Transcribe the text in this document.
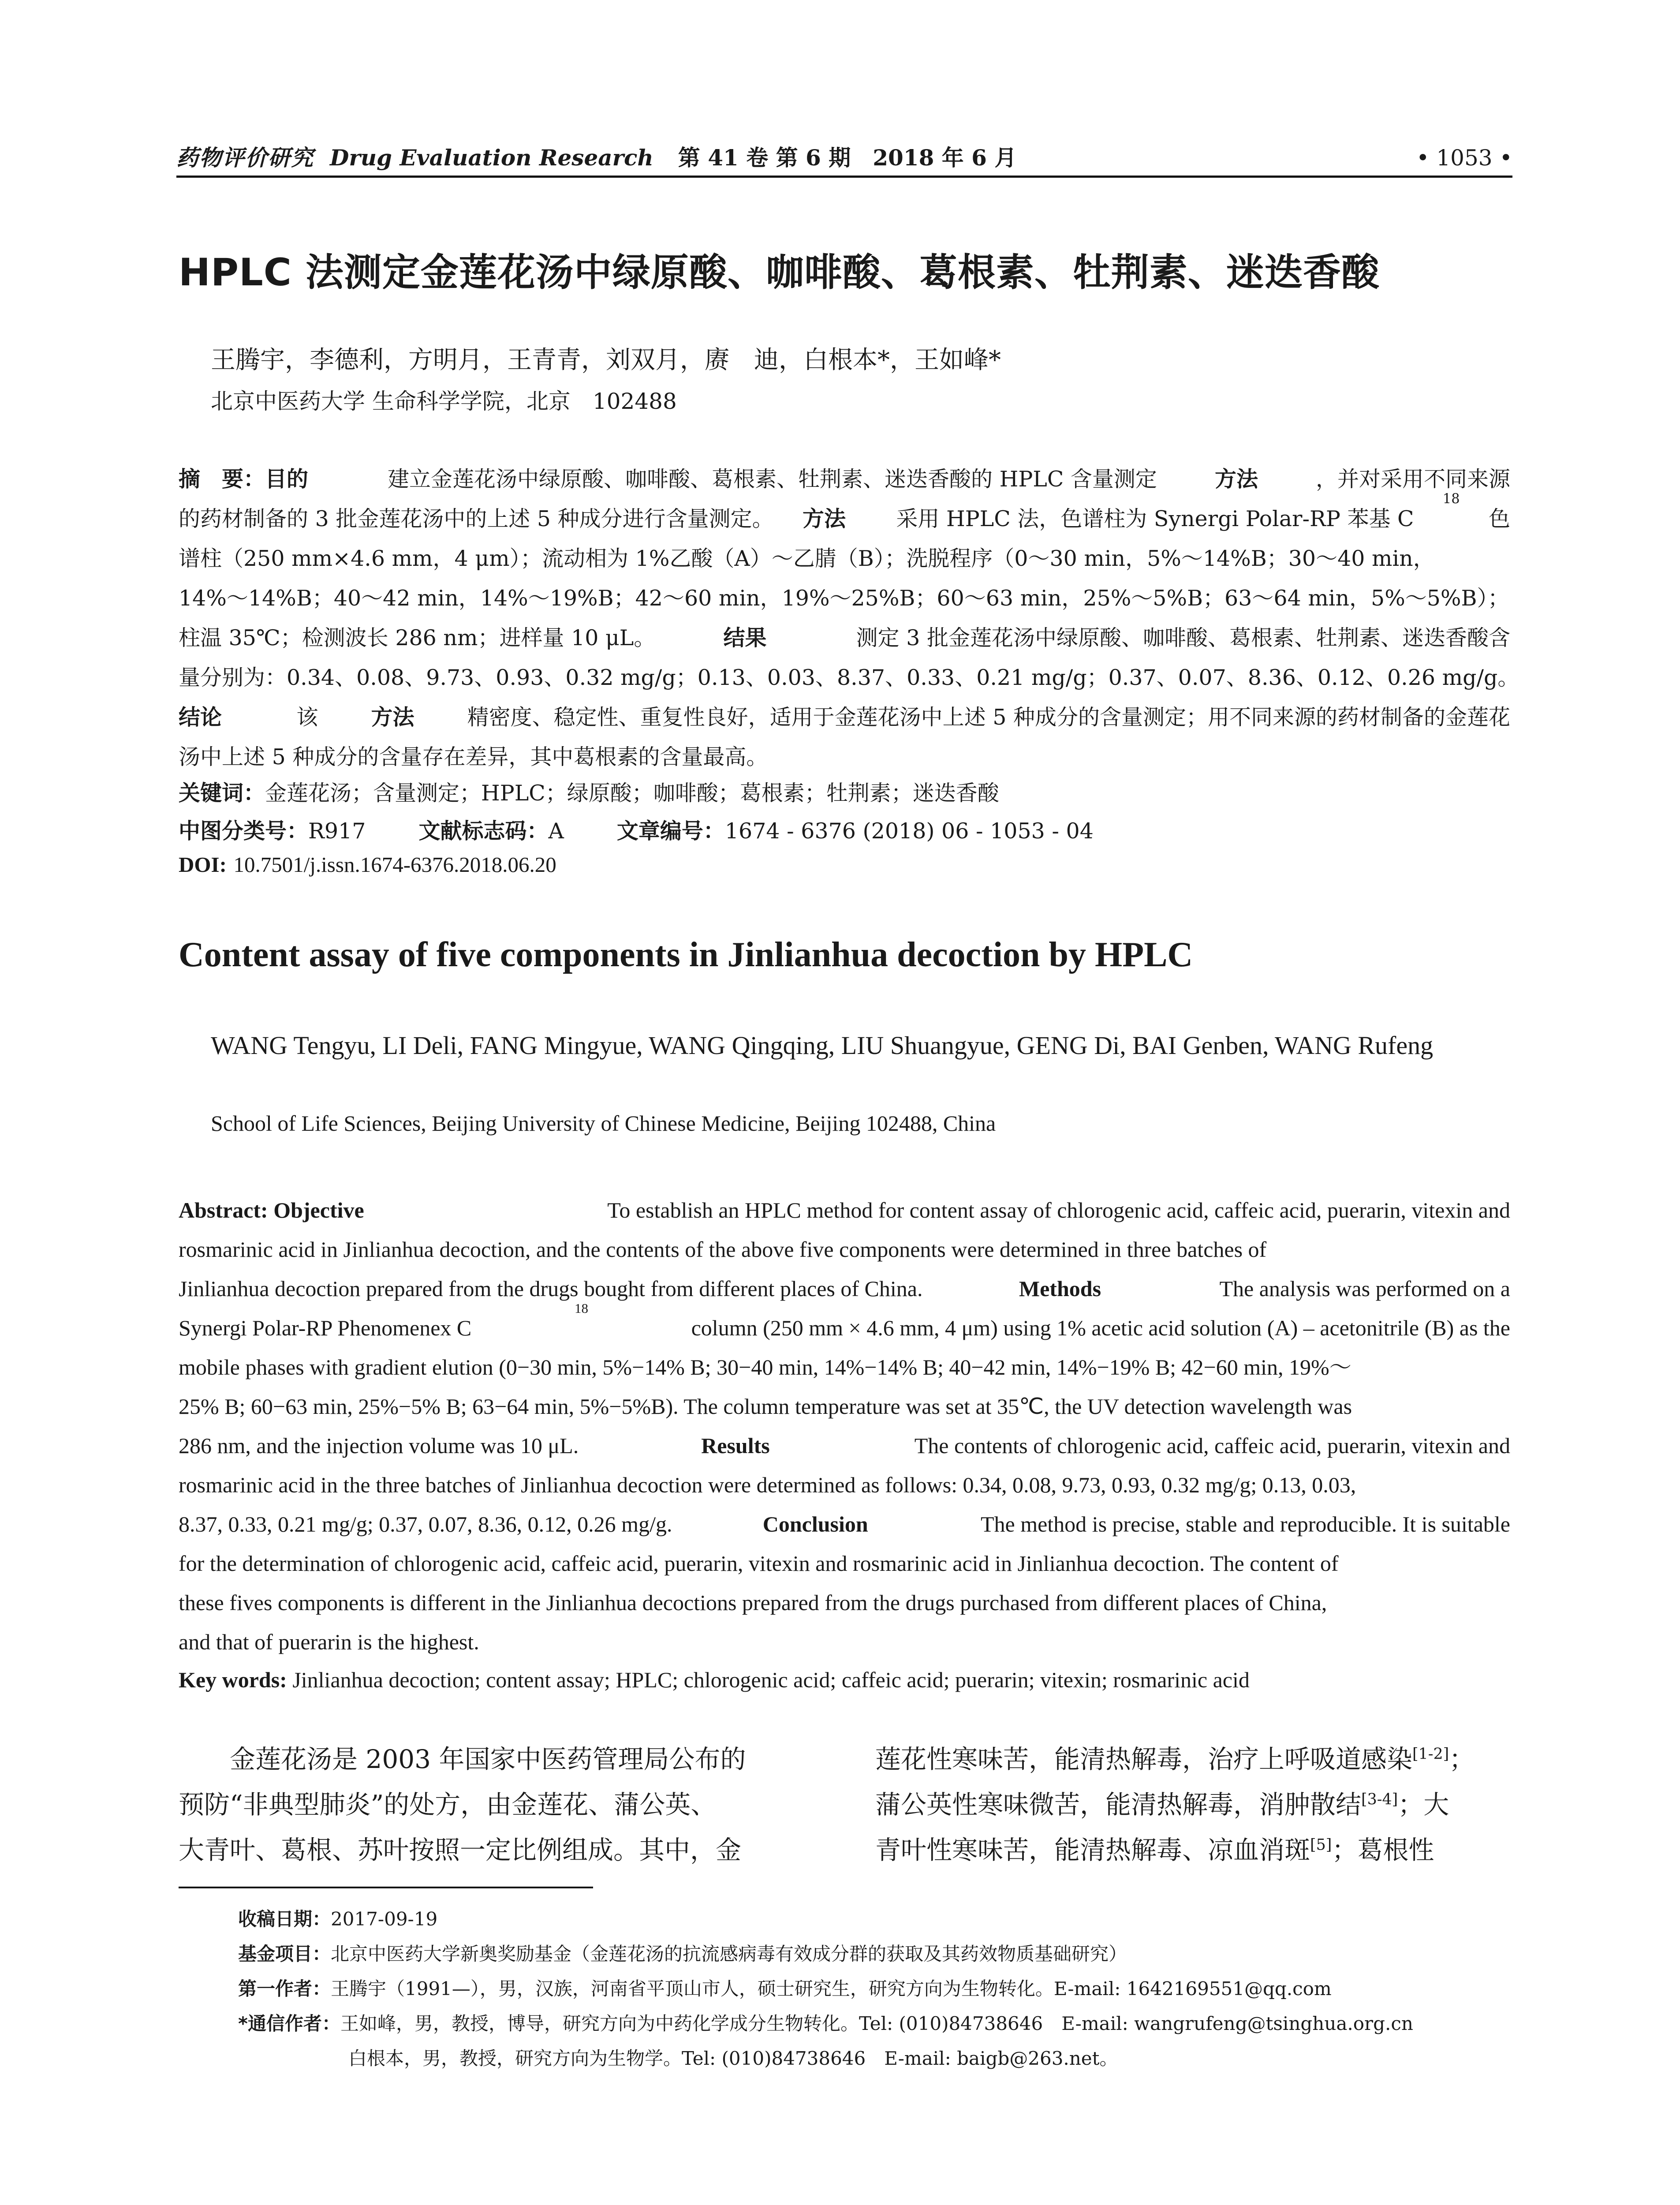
药物评价研究 Drug Evaluation Research 第 41 卷 第 6 期　2018 年 6 月	• 1053 •
HPLC 法测定金莲花汤中绿原酸、咖啡酸、葛根素、牡荆素、迷迭香酸
王腾宇，李德利，方明月，王青青，刘双月，赓　迪，白根本*，王如峰*
北京中医药大学 生命科学学院，北京　102488
摘　要：目的	　建立金莲花汤中绿原酸、咖啡酸、葛根素、牡荆素、迷迭香酸的 HPLC 含量测定	方法	，并对采用不同来源
的药材制备的 3 批金莲花汤中的上述 5 种成分进行含量测定。 方法 　采用 HPLC 法，色谱柱为 Synergi Polar-RP 苯基 C
18
色
谱柱（250 mm×4.6 mm，4 μm）；流动相为 1%乙酸（A）～乙腈（B）；洗脱程序（0～30 min，5%～14%B；30～40 min，
14%～14%B；40～42 min，14%～19%B；42～60 min，19%～25%B；60～63 min，25%～5%B；63～64 min，5%～5%B）；
柱温 35℃；检测波长 286 nm；进样量 10 μL。	结果	　测定 3 批金莲花汤中绿原酸、咖啡酸、葛根素、牡荆素、迷迭香酸含
量分别为：0.34、0.08、9.73、0.93、0.32 mg/g；0.13、0.03、8.37、0.33、0.21 mg/g；0.37、0.07、8.36、0.12、0.26 mg/g。
结论 　该 方法 精密度、稳定性、重复性良好，适用于金莲花汤中上述 5 种成分的含量测定；用不同来源的药材制备的金莲花
汤中上述 5 种成分的含量存在差异，其中葛根素的含量最高。
关键词：金莲花汤；含量测定；HPLC；绿原酸；咖啡酸；葛根素；牡荆素；迷迭香酸
中图分类号：R917 文献标志码：A 文章编号：1674 - 6376 (2018) 06 - 1053 - 04
DOI: 10.7501/j.issn.1674-6376.2018.06.20
Content assay of five components in Jinlianhua decoction by HPLC
WANG Tengyu, LI Deli, FANG Mingyue, WANG Qingqing, LIU Shuangyue, GENG Di, BAI Genben, WANG Rufeng
School of Life Sciences, Beijing University of Chinese Medicine, Beijing 102488, China
Abstract: Objective	　To establish an HPLC method for content assay of chlorogenic acid, caffeic acid, puerarin, vitexin and
rosmarinic acid in Jinlianhua decoction, and the contents of the above five components were determined in three batches of
Jinlianhua decoction prepared from the drugs bought from different places of China.	Methods	　The analysis was performed on a
Synergi Polar-RP Phenomenex C
18
column (250 mm × 4.6 mm, 4 μm) using 1% acetic acid solution (A) – acetonitrile (B) as the
mobile phases with gradient elution (0−30 min, 5%−14% B; 30−40 min, 14%−14% B; 40−42 min, 14%−19% B; 42−60 min, 19%～
25% B; 60−63 min, 25%−5% B; 63−64 min, 5%−5%B). The column temperature was set at 35℃, the UV detection wavelength was
286 nm, and the injection volume was 10 μL.	Results	　The contents of chlorogenic acid, caffeic acid, puerarin, vitexin and
rosmarinic acid in the three batches of Jinlianhua decoction were determined as follows: 0.34, 0.08, 9.73, 0.93, 0.32 mg/g; 0.13, 0.03,
8.37, 0.33, 0.21 mg/g; 0.37, 0.07, 8.36, 0.12, 0.26 mg/g.	Conclusion	　The method is precise, stable and reproducible. It is suitable
for the determination of chlorogenic acid, caffeic acid, puerarin, vitexin and rosmarinic acid in Jinlianhua decoction. The content of
these fives components is different in the Jinlianhua decoctions prepared from the drugs purchased from different places of China,
and that of puerarin is the highest.
Key words: Jinlianhua decoction; content assay; HPLC; chlorogenic acid; caffeic acid; puerarin; vitexin; rosmarinic acid
　　金莲花汤是 2003 年国家中医药管理局公布的
预防“非典型肺炎”的处方，由金莲花、蒲公英、
大青叶、葛根、苏叶按照一定比例组成。其中，金
莲花性寒味苦，能清热解毒，治疗上呼吸道感染[1-2]；
蒲公英性寒味微苦，能清热解毒，消肿散结[3-4]；大
青叶性寒味苦，能清热解毒、凉血消斑[5]；葛根性
收稿日期：2017-09-19
基金项目：北京中医药大学新奥奖励基金（金莲花汤的抗流感病毒有效成分群的获取及其药效物质基础研究）
第一作者：王腾宇（1991—），男，汉族，河南省平顶山市人，硕士研究生，研究方向为生物转化。E-mail: 1642169551@qq.com
*通信作者：王如峰，男，教授，博导，研究方向为中药化学成分生物转化。Tel: (010)84738646　E-mail: wangrufeng@tsinghua.org.cn
白根本，男，教授，研究方向为生物学。Tel: (010)84738646　E-mail: baigb@263.net。
